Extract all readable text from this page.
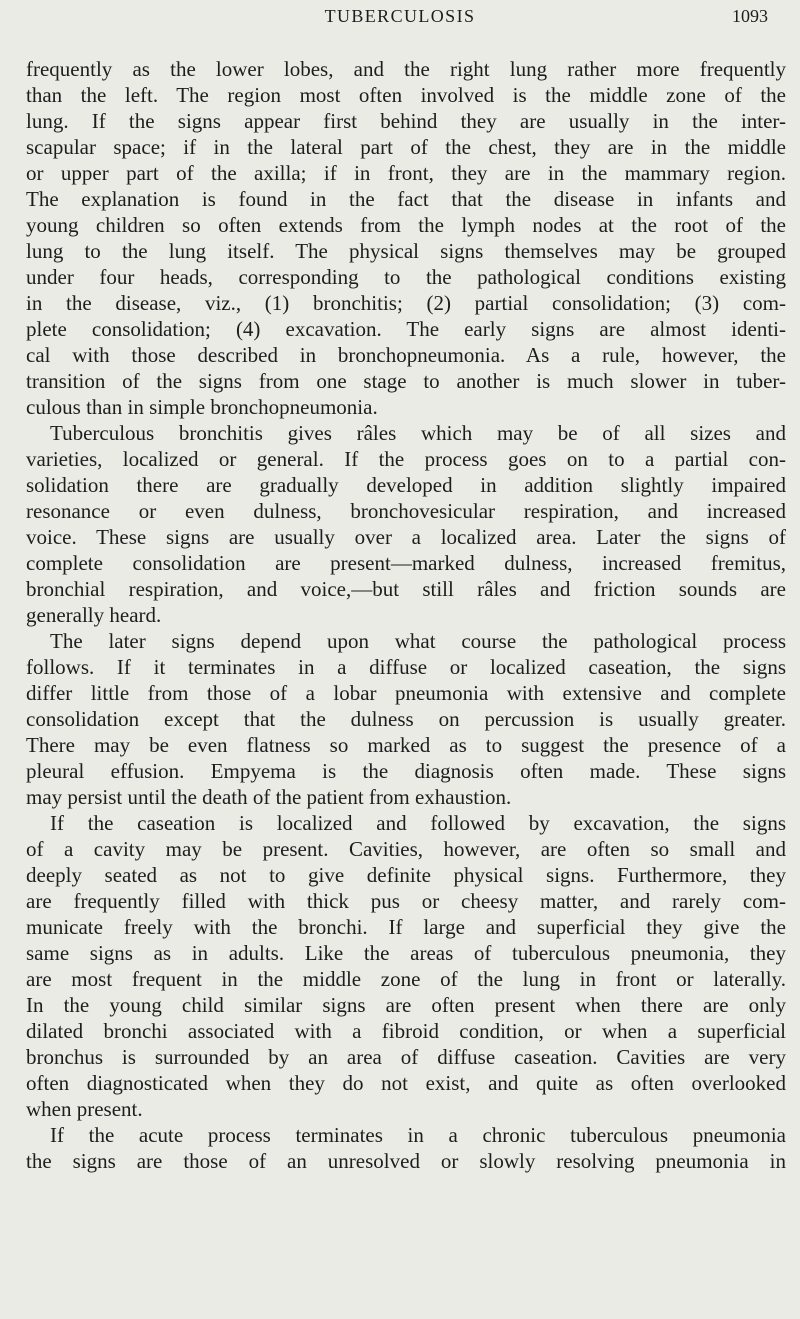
TUBERCULOSIS	1093
frequently as the lower lobes, and the right lung rather more frequently
than the left. The region most often involved is the middle zone of the
lung. If the signs appear first behind they are usually in the inter-
scapular space; if in the lateral part of the chest, they are in the middle
or upper part of the axilla; if in front, they are in the mammary region.
The explanation is found in the fact that the disease in infants and
young children so often extends from the lymph nodes at the root of the
lung to the lung itself. The physical signs themselves may be grouped
under four heads, corresponding to the pathological conditions existing
in the disease, viz., (1) bronchitis; (2) partial consolidation; (3) com-
plete consolidation; (4) excavation. The early signs are almost identi-
cal with those described in bronchopneumonia. As a rule, however, the
transition of the signs from one stage to another is much slower in tuber-
culous than in simple bronchopneumonia.
Tuberculous bronchitis gives râles which may be of all sizes and
varieties, localized or general. If the process goes on to a partial con-
solidation there are gradually developed in addition slightly impaired
resonance or even dulness, bronchovesicular respiration, and increased
voice. These signs are usually over a localized area. Later the signs of
complete consolidation are present—marked dulness, increased fremitus,
bronchial respiration, and voice,—but still râles and friction sounds are
generally heard.
The later signs depend upon what course the pathological process
follows. If it terminates in a diffuse or localized caseation, the signs
differ little from those of a lobar pneumonia with extensive and complete
consolidation except that the dulness on percussion is usually greater.
There may be even flatness so marked as to suggest the presence of a
pleural effusion. Empyema is the diagnosis often made. These signs
may persist until the death of the patient from exhaustion.
If the caseation is localized and followed by excavation, the signs
of a cavity may be present. Cavities, however, are often so small and
deeply seated as not to give definite physical signs. Furthermore, they
are frequently filled with thick pus or cheesy matter, and rarely com-
municate freely with the bronchi. If large and superficial they give the
same signs as in adults. Like the areas of tuberculous pneumonia, they
are most frequent in the middle zone of the lung in front or laterally.
In the young child similar signs are often present when there are only
dilated bronchi associated with a fibroid condition, or when a superficial
bronchus is surrounded by an area of diffuse caseation. Cavities are very
often diagnosticated when they do not exist, and quite as often overlooked
when present.
If the acute process terminates in a chronic tuberculous pneumonia
the signs are those of an unresolved or slowly resolving pneumonia in
